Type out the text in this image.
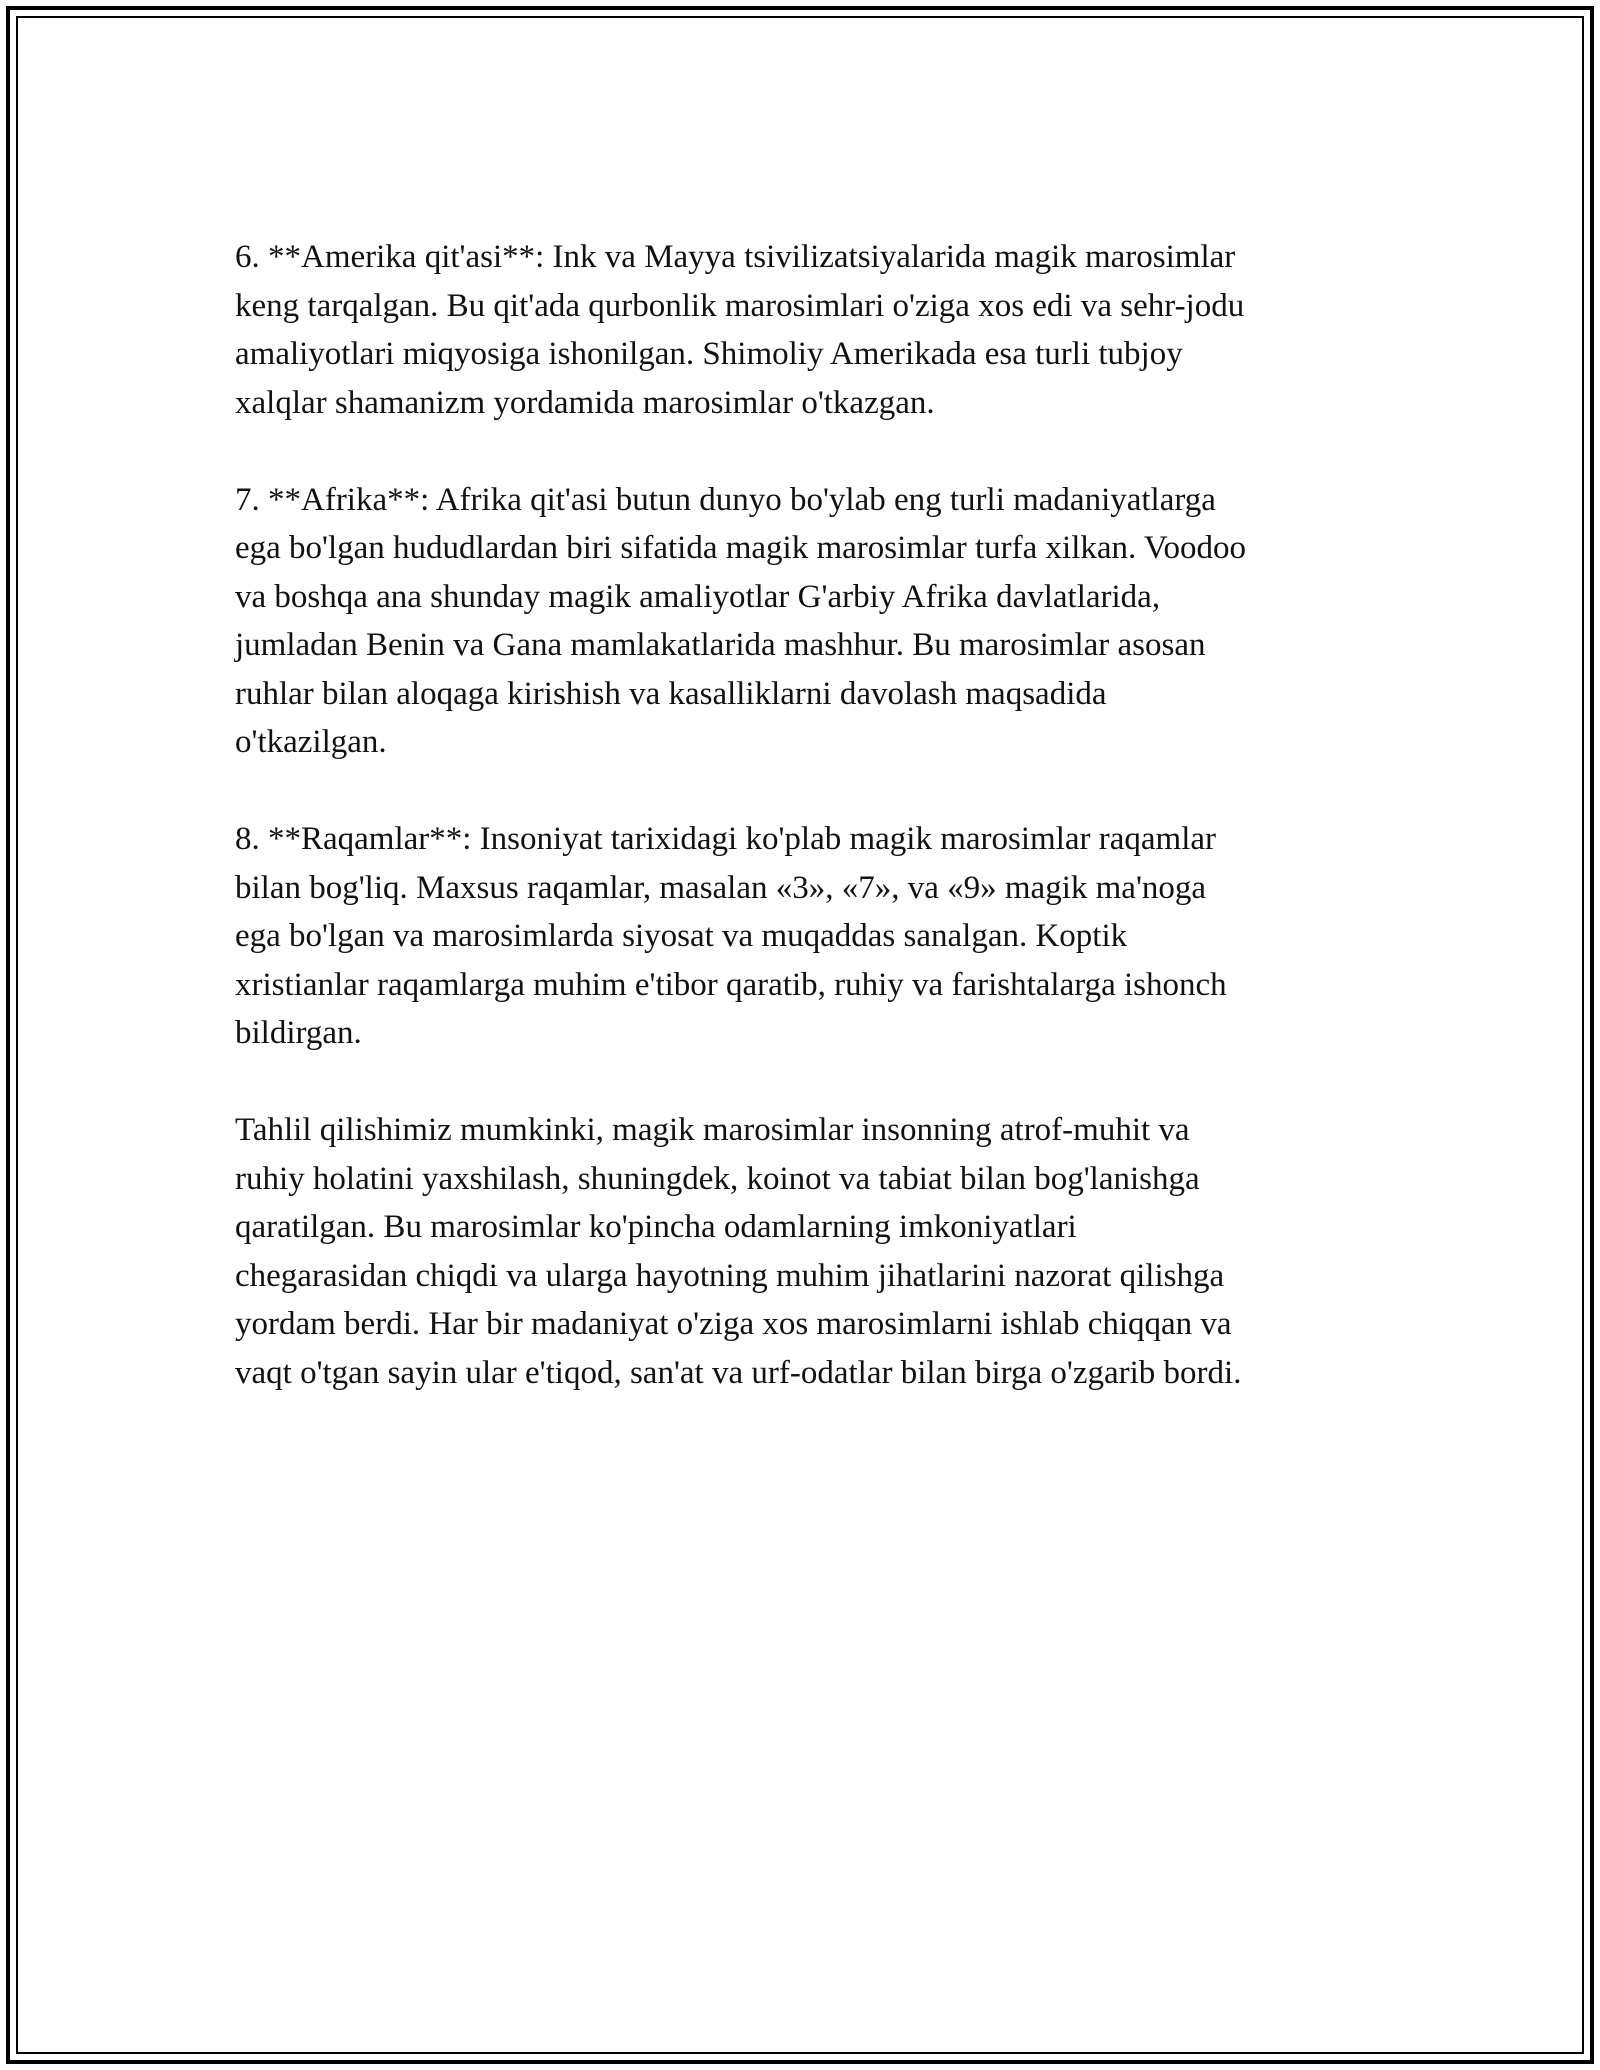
6. **Amerika qit'asi**: Ink va Mayya tsivilizatsiyalarida magik marosimlar
keng tarqalgan. Bu qit'ada qurbonlik marosimlari o'ziga xos edi va sehr-jodu
amaliyotlari miqyosiga ishonilgan. Shimoliy Amerikada esa turli tubjoy
xalqlar shamanizm yordamida marosimlar o'tkazgan.

7. **Afrika**: Afrika qit'asi butun dunyo bo'ylab eng turli madaniyatlarga
ega bo'lgan hududlardan biri sifatida magik marosimlar turfa xilkan. Voodoo
va boshqa ana shunday magik amaliyotlar G'arbiy Afrika davlatlarida,
jumladan Benin va Gana mamlakatlarida mashhur. Bu marosimlar asosan
ruhlar bilan aloqaga kirishish va kasalliklarni davolash maqsadida
o'tkazilgan.

8. **Raqamlar**: Insoniyat tarixidagi ko'plab magik marosimlar raqamlar
bilan bog'liq. Maxsus raqamlar, masalan «3», «7», va «9» magik ma'noga
ega bo'lgan va marosimlarda siyosat va muqaddas sanalgan. Koptik
xristianlar raqamlarga muhim e'tibor qaratib, ruhiy va farishtalarga ishonch
bildirgan.

Tahlil qilishimiz mumkinki, magik marosimlar insonning atrof-muhit va
ruhiy holatini yaxshilash, shuningdek, koinot va tabiat bilan bog'lanishga
qaratilgan. Bu marosimlar ko'pincha odamlarning imkoniyatlari
chegarasidan chiqdi va ularga hayotning muhim jihatlarini nazorat qilishga
yordam berdi. Har bir madaniyat o'ziga xos marosimlarni ishlab chiqqan va
vaqt o'tgan sayin ular e'tiqod, san'at va urf-odatlar bilan birga o'zgarib bordi.
